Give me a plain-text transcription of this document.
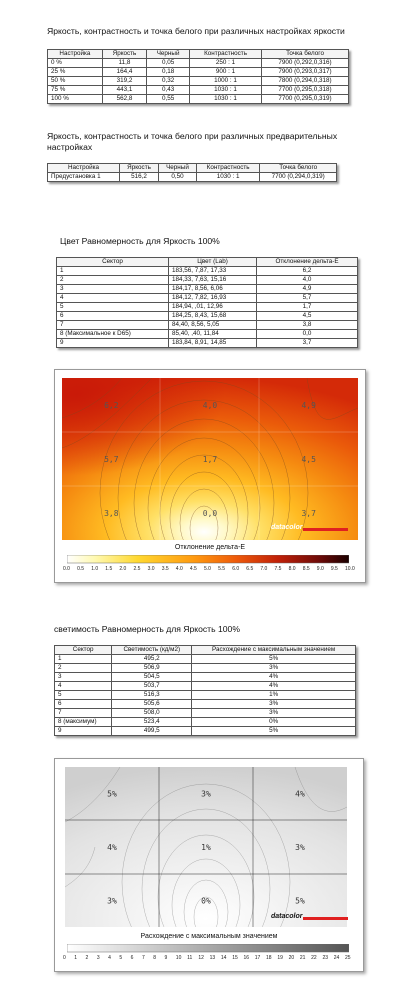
Яркость, контрастность и точка белого при различных настройках яркости
Настройка	Яркость	Черный	Контрастность	Точка белого
0 %	11,8	0,05	250 : 1	7900 (0,292,0,316)
25 %	164,4	0,18	900 : 1	7900 (0,293,0,317)
50 %	319,2	0,32	1000 : 1	7800 (0,294,0,318)
75 %	443,1	0,43	1030 : 1	7700 (0,295,0,318)
100 %	562,8	0,55	1030 : 1	7700 (0,295,0,319)
Яркость, контрастность и точка белого при различных предварительных
настройках
Настройка	Яркость	Черный	Контрастность	Точка белого
Предустановка 1	516,2	0,50	1030 : 1	7700 (0,294,0,319)
Цвет Равномерность для Яркость 100%
Сектор	Цвет (Lab)	Отклонение дельта-E
1	183,56, 7,87, 17,33	6,2
2	184,33, 7,63, 15,16	4,0
3	184,17, 8,56, 6,06	4,9
4	184,12, 7,82, 16,93	5,7
5	184,94, ,01, 12,96	1,7
6	184,25, 8,43, 15,68	4,5
7	84,40, 8,56, 5,05	3,8
8 (Максимальное к D65)	85,40, ,40, 11,84	0,0
9	183,84, 8,91, 14,85	3,7
6,2	4,0	4,9
5,7	1,7	4,5
3,8	0,0	3,7
datacolor
Отклонение дельта-E
0.0 0.5 1.0 1.5 2.0 2.5 3.0 3.5 4.0 4.5 5.0 5.5 6.0 6.5 7.0 7.5 8.0 8.5 9.0 9.5 10.0
светимость Равномерность для Яркость 100%
Сектор	Светимость (кд/м2)	Расхождение с максимальным значением
1	495,2	5%
2	506,9	3%
3	504,5	4%
4	503,7	4%
5	516,3	1%
6	505,6	3%
7	508,0	3%
8 (максимум)	523,4	0%
9	499,5	5%
5%	3%	4%
4%	1%	3%
3%	0%	5%
datacolor
Расхождение с максимальным значением
0 1 2 3 4 5 6 7 8 9 10 11 12 13 14 15 16 17 18 19 20 21 22 23 24 25
